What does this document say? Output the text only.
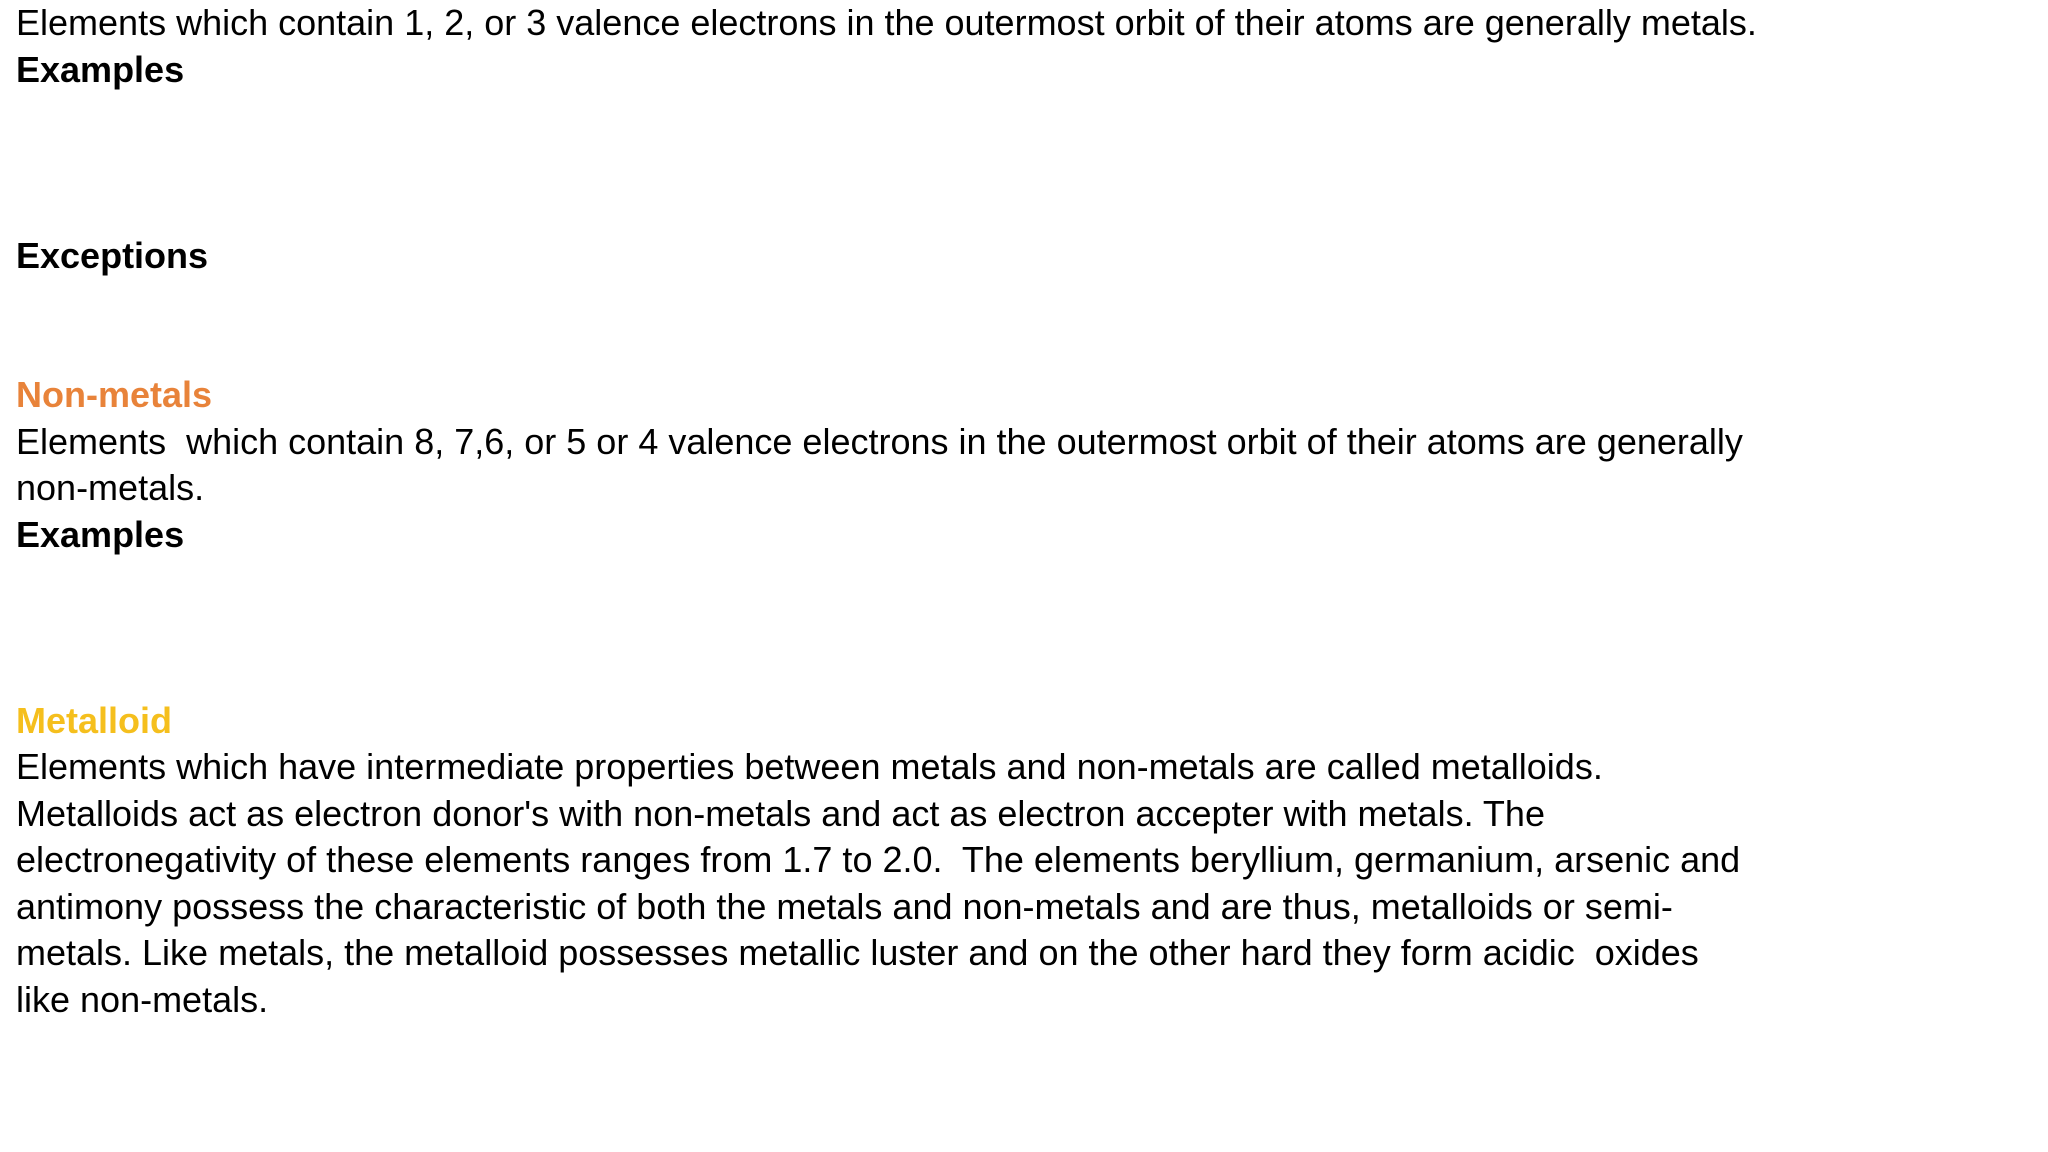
Elements which contain 1, 2, or 3 valence electrons in the outermost orbit of their atoms are generally metals.
Examples

Exceptions

Non-metals
Elements  which contain 8, 7,6, or 5 or 4 valence electrons in the outermost orbit of their atoms are generally
non-metals.
Examples

Metalloid
Elements which have intermediate properties between metals and non-metals are called metalloids.
Metalloids act as electron donor's with non-metals and act as electron accepter with metals. The
electronegativity of these elements ranges from 1.7 to 2.0.  The elements beryllium, germanium, arsenic and
antimony possess the characteristic of both the metals and non-metals and are thus, metalloids or semi-
metals. Like metals, the metalloid possesses metallic luster and on the other hard they form acidic  oxides
like non-metals.
